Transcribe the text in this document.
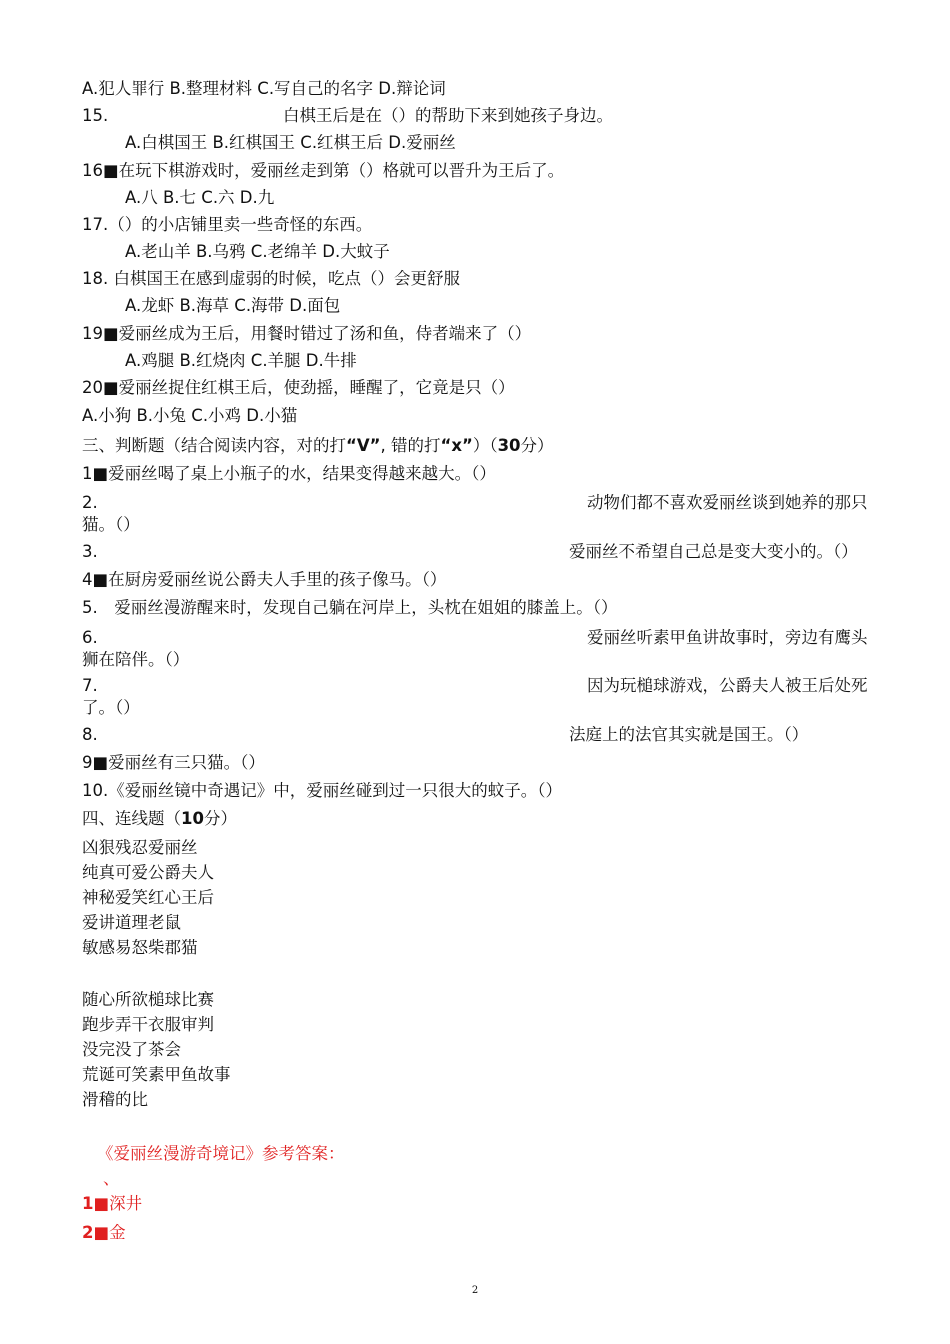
A.犯人罪行 B.整理材料 C.写自己的名字 D.辩论词
15.	白棋王后是在（）的帮助下来到她孩子身边。
A.白棋国王 B.红棋国王 C.红棋王后 D.爱丽丝
16■在玩下棋游戏时，爱丽丝走到第（）格就可以晋升为王后了。
A.八 B.七 C.六 D.九
17.（）的小店铺里卖一些奇怪的东西。
A.老山羊 B.乌鸦 C.老绵羊 D.大蚊子
18. 白棋国王在感到虚弱的时候，吃点（）会更舒服
A.龙虾 B.海草 C.海带 D.面包
19■爱丽丝成为王后，用餐时错过了汤和鱼，侍者端来了（）
A.鸡腿 B.红烧肉 C.羊腿 D.牛排
20■爱丽丝捉住红棋王后，使劲摇，睡醒了，它竟是只（）
A.小狗 B.小兔 C.小鸡 D.小猫
三、判断题（结合阅读内容，对的打“V”, 错的打“x”）（30分）
1■爱丽丝喝了桌上小瓶子的水，结果变得越来越大。（）
2.	动物们都不喜欢爱丽丝谈到她养的那只
猫。（）
3.	爱丽丝不希望自己总是变大变小的。（）
4■在厨房爱丽丝说公爵夫人手里的孩子像马。（）
5.　爱丽丝漫游醒来时，发现自己躺在河岸上，头枕在姐姐的膝盖上。（）
6.	爱丽丝听素甲鱼讲故事时，旁边有鹰头
狮在陪伴。（）
7.	因为玩槌球游戏，公爵夫人被王后处死
了。（）
8.	法庭上的法官其实就是国王。（）
9■爱丽丝有三只猫。（）
10.《爱丽丝镜中奇遇记》中，爱丽丝碰到过一只很大的蚊子。（）
四、连线题（10分）
凶狠残忍爱丽丝
纯真可爱公爵夫人
神秘爱笑红心王后
爱讲道理老鼠
敏感易怒柴郡猫
随心所欲槌球比赛
跑步弄干衣服审判
没完没了茶会
荒诞可笑素甲鱼故事
滑稽的比
《爱丽丝漫游奇境记》参考答案：
、
1■深井
2■金
2
